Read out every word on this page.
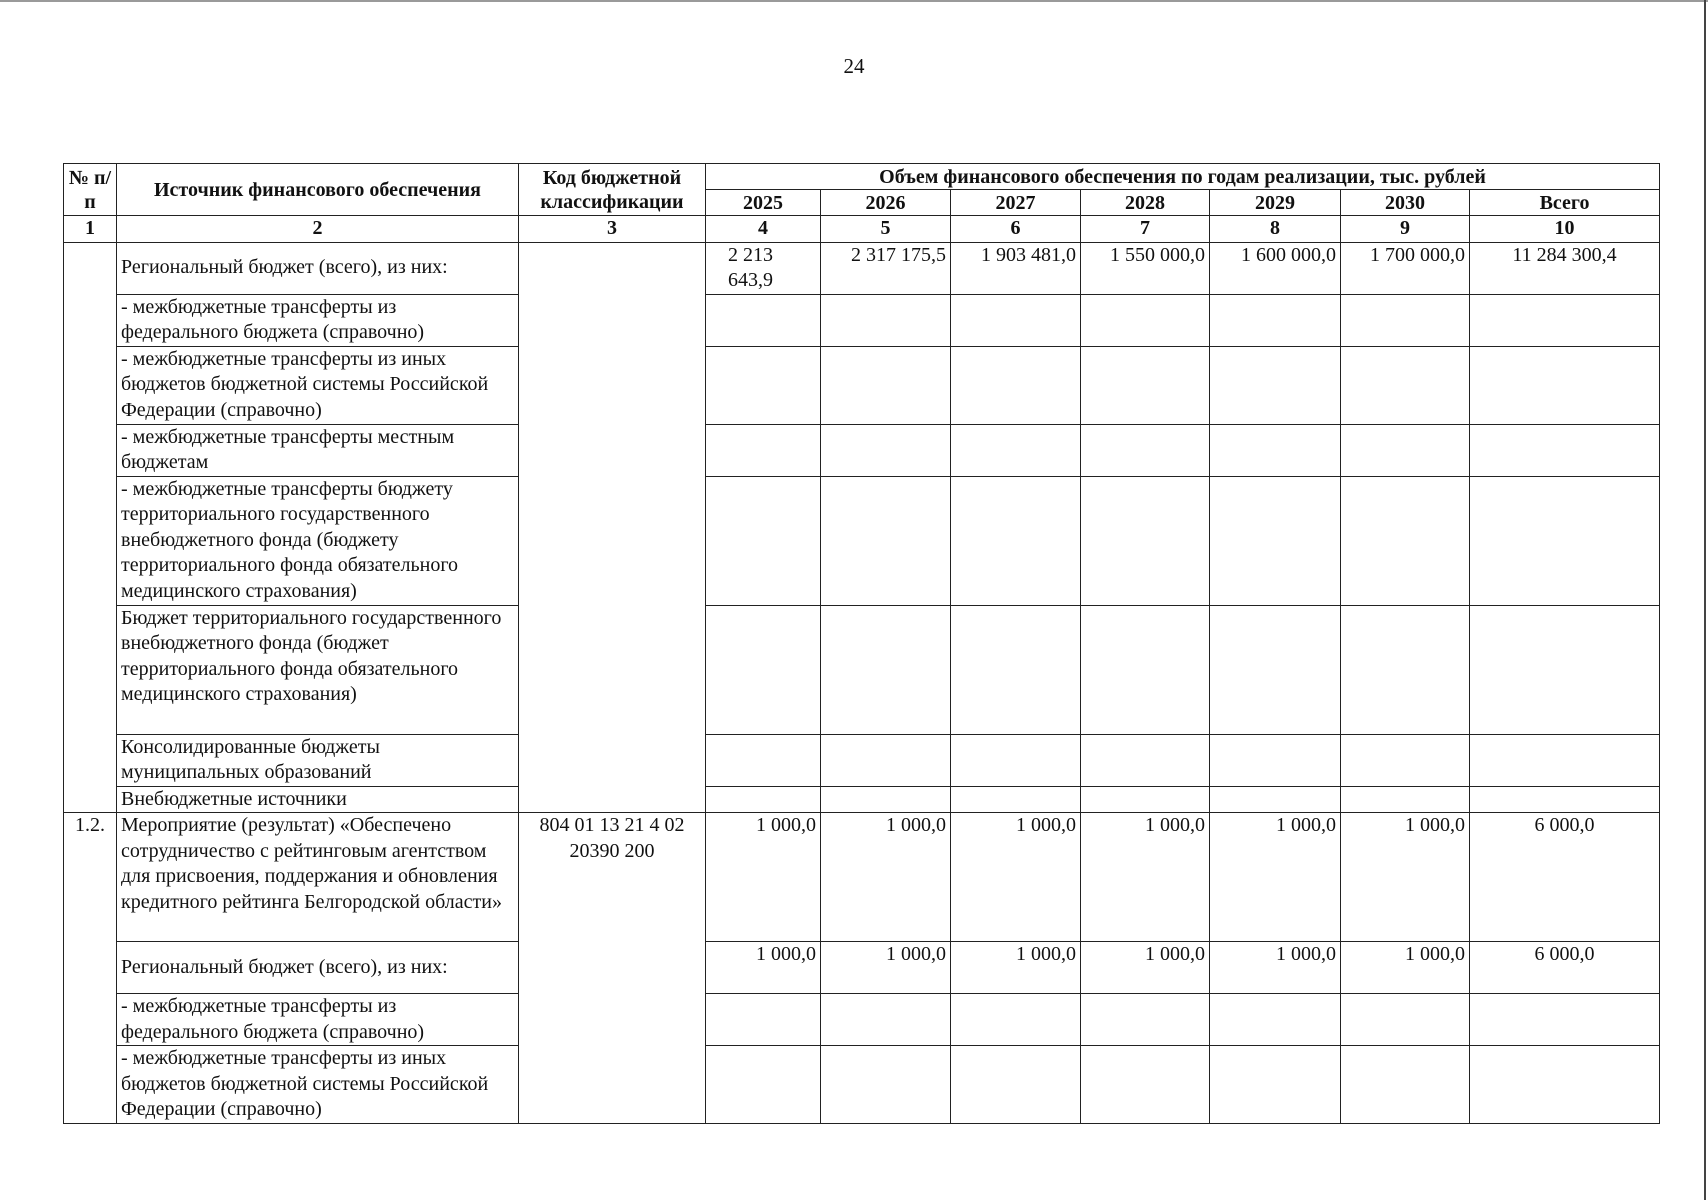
24
№ п/п	Источник финансового обеспечения	Код бюджетной классификации	Объем финансового обеспечения по годам реализации, тыс. рублей						
			2025	2026	2027	2028	2029	2030	Всего
1	2	3	4	5	6	7	8	9	10
	Региональный бюджет (всего), из них:		2 213 643,9	2 317 175,5	1 903 481,0	1 550 000,0	1 600 000,0	1 700 000,0	11 284 300,4
	- межбюджетные трансферты из федерального бюджета (справочно)								
	- межбюджетные трансферты из иных бюджетов бюджетной системы Российской Федерации (справочно)								
	- межбюджетные трансферты местным бюджетам								
	- межбюджетные трансферты бюджету территориального государственного внебюджетного фонда (бюджету территориального фонда обязательного медицинского страхования)								
	Бюджет территориального государственного внебюджетного фонда (бюджет территориального фонда обязательного медицинского страхования)								
	Консолидированные бюджеты муниципальных образований								
	Внебюджетные источники								
1.2.	Мероприятие (результат) «Обеспечено сотрудничество с рейтинговым агентством для присвоения, поддержания и обновления кредитного рейтинга Белгородской области»	804 01 13 21 4 02 20390 200	1 000,0	1 000,0	1 000,0	1 000,0	1 000,0	1 000,0	6 000,0
	Региональный бюджет (всего), из них:		1 000,0	1 000,0	1 000,0	1 000,0	1 000,0	1 000,0	6 000,0
	- межбюджетные трансферты из федерального бюджета (справочно)								
	- межбюджетные трансферты из иных бюджетов бюджетной системы Российской Федерации (справочно)								
